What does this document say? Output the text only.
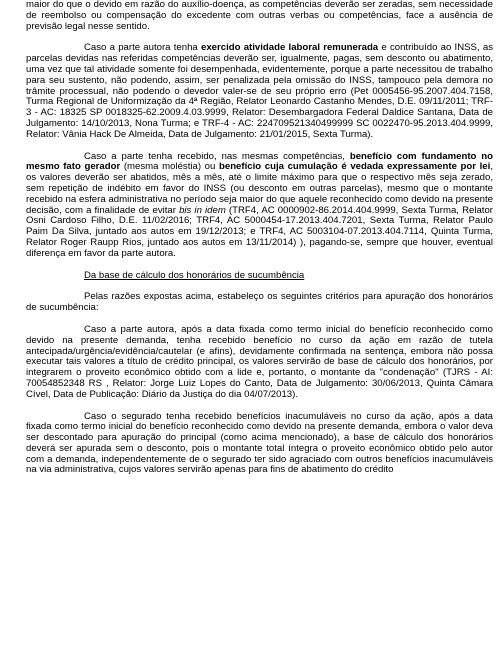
maior do que o devido em razão do auxílio-doença, as competências deverão ser zeradas, sem necessidade de reembolso ou compensação do excedente com outras verbas ou competências, face a ausência de previsão legal nesse sentido.

Caso a parte autora tenha exercido atividade laboral remunerada e contribuído ao INSS, as parcelas devidas nas referidas competências deverão ser, igualmente, pagas, sem desconto ou abatimento, uma vez que tal atividade somente foi desempenhada, evidentemente, porque a parte necessitou de trabalho para seu sustento, não podendo, assim, ser penalizada pela omissão do INSS, tampouco pela demora no trâmite processual, não podendo o devedor valer-se de seu próprio erro (Pet 0005456-95.2007.404.7158, Turma Regional de Uniformização da 4ª Região, Relator Leonardo Castanho Mendes, D.E. 09/11/2011; TRF-3 - AC: 18325 SP 0018325-62.2009.4.03.9999, Relator: Desembargadora Federal Daldice Santana, Data de Julgamento: 14/10/2013, Nona Turma; e TRF-4 - AC: 224709521340499999 SC 0022470-95.2013.404.9999, Relator: Vânia Hack De Almeida, Data de Julgamento: 21/01/2015, Sexta Turma).

Caso a parte tenha recebido, nas mesmas competências, benefício com fundamento no mesmo fato gerador (mesma moléstia) ou benefício cuja cumulação é vedada expressamente por lei, os valores deverão ser abatidos, mês a mês, até o limite máximo para que o respectivo mês seja zerado, sem repetição de indébito em favor do INSS (ou desconto em outras parcelas), mesmo que o montante recebido na esfera administrativa no período seja maior do que aquele reconhecido como devido na presente decisão, com a finalidade de evitar bis in idem (TRF4, AC 0000902-86.2014.404.9999, Sexta Turma, Relator Osni Cardoso Filho, D.E. 11/02/2016; TRF4, AC 5000454-17.2013.404.7201, Sexta Turma, Relator Paulo Paim Da Silva, juntado aos autos em 19/12/2013; e TRF4, AC 5003104-07.2013.404.7114, Quinta Turma, Relator Roger Raupp Rios, juntado aos autos em 13/11/2014) ), pagando-se, sempre que houver, eventual diferença em favor da parte autora.

Da base de cálculo dos honorários de sucumbência

Pelas razões expostas acima, estabeleço os seguintes critérios para apuração dos honorários de sucumbência:

Caso a parte autora, após a data fixada como termo inicial do benefício reconhecido como devido na presente demanda, tenha recebido benefício no curso da ação em razão de tutela antecipada/urgência/evidência/cautelar (e afins), devidamente confirmada na sentença, embora não possa executar tais valores a título de crédito principal, os valores servirão de base de cálculo dos honorários, por integrarem o proveito econômico obtido com a lide e, portanto, o montante da "condenação" (TJRS - AI: 70054852348 RS , Relator: Jorge Luiz Lopes do Canto, Data de Julgamento: 30/06/2013, Quinta Câmara Cível, Data de Publicação: Diário da Justiça do dia 04/07/2013).

Caso o segurado tenha recebido benefícios inacumuláveis no curso da ação, após a data fixada como termo inicial do benefício reconhecido como devido na presente demanda, embora o valor deva ser descontado para apuração do principal (como acima mencionado), a base de cálculo dos honorários deverá ser apurada sem o desconto, pois o montante total íntegra o proveito econômico obtido pelo autor com a demanda, independentemente de o segurado ter sido agraciado com outros benefícios inacumuláveis na via administrativa, cujos valores servirão apenas para fins de abatimento do crédito
